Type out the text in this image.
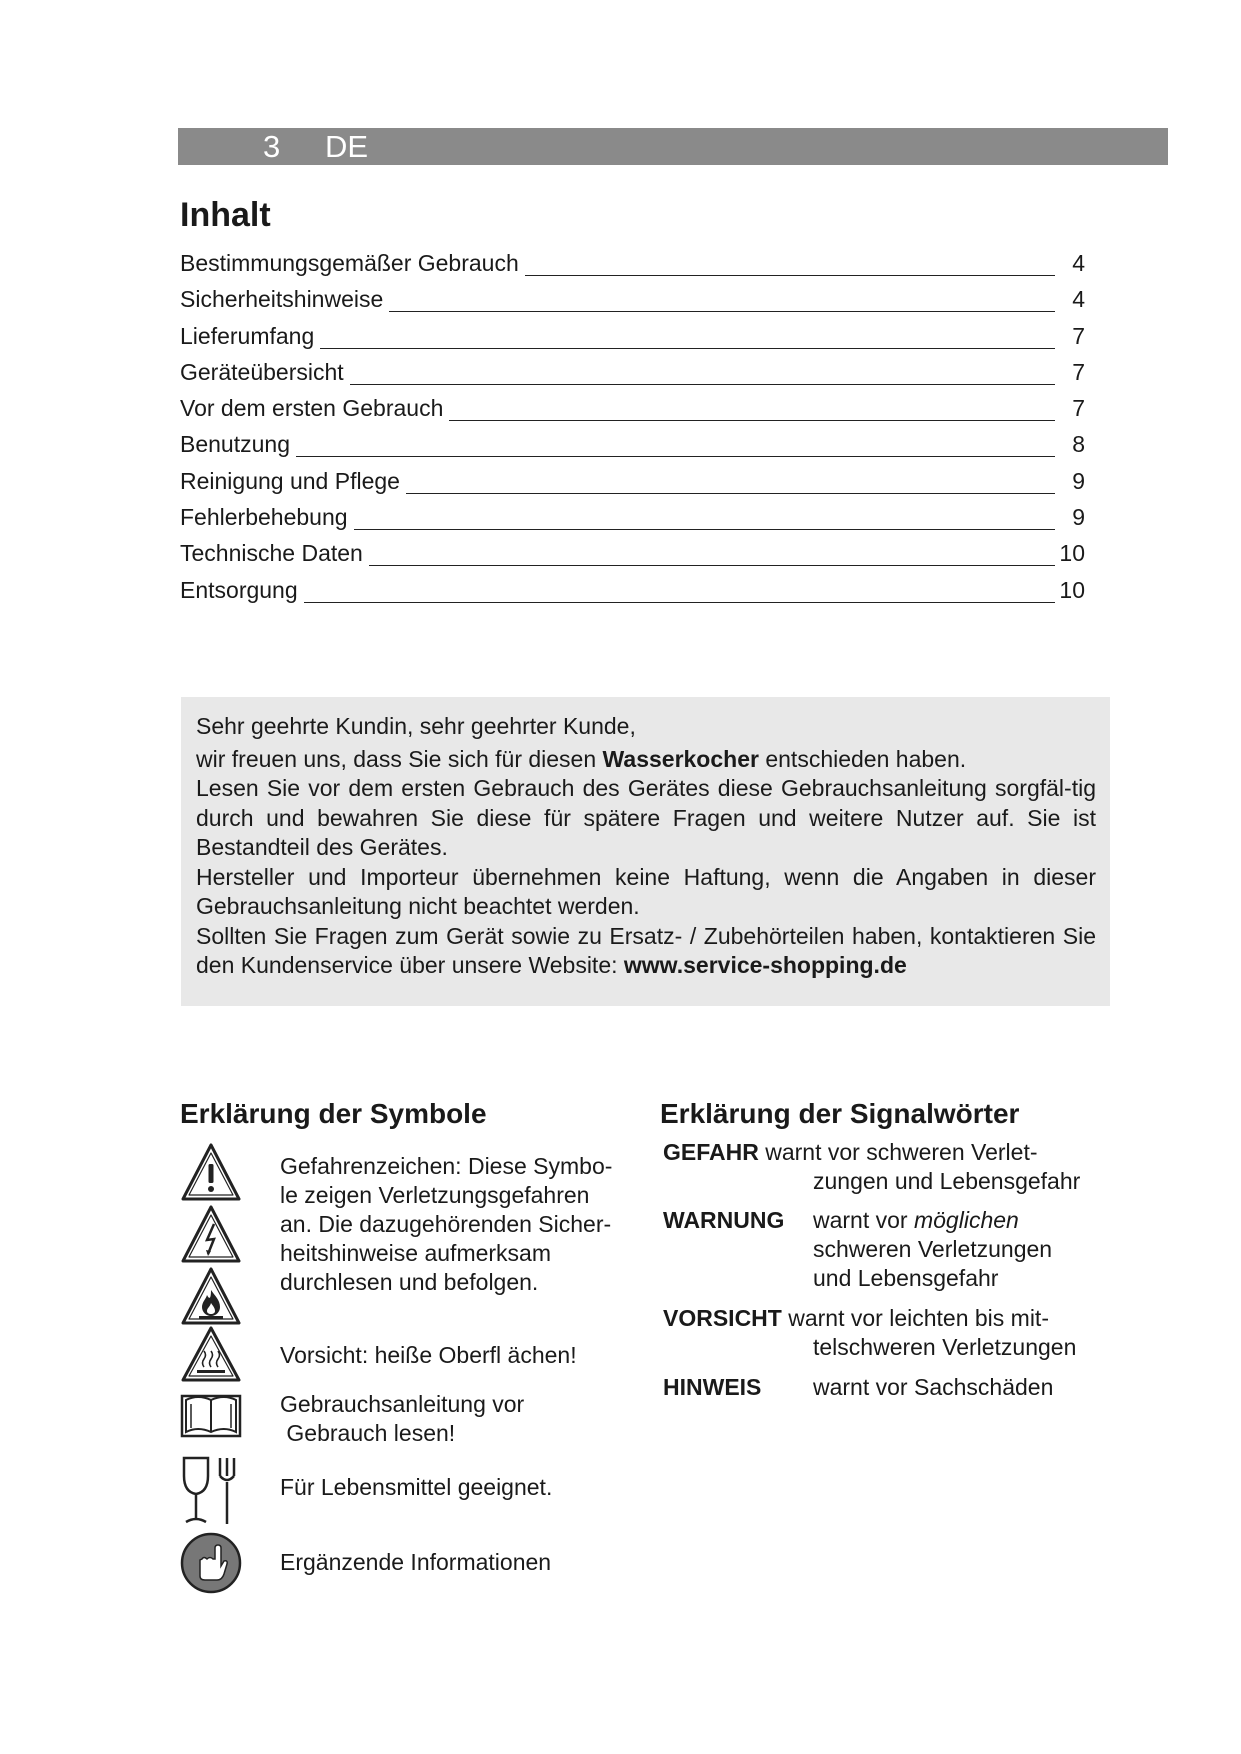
3 DE
Inhalt
Bestimmungsgemäßer Gebrauch	4
Sicherheitshinweise	4
Lieferumfang	7
Geräteübersicht	7
Vor dem ersten Gebrauch	7
Benutzung	8
Reinigung und Pflege	9
Fehlerbehebung	9
Technische Daten	10
Entsorgung	10

Sehr geehrte Kundin, sehr geehrter Kunde,

wir freuen uns, dass Sie sich für diesen Wasserkocher entschieden haben.

Lesen Sie vor dem ersten Gebrauch des Gerätes diese Gebrauchsanleitung sorgfäl-tig durch und bewahren Sie diese für spätere Fragen und weitere Nutzer auf. Sie ist Bestandteil des Gerätes.

Hersteller und Importeur übernehmen keine Haftung, wenn die Angaben in dieser Gebrauchsanleitung nicht beachtet werden.

Sollten Sie Fragen zum Gerät sowie zu Ersatz- / Zubehörteilen haben, kontaktieren Sie den Kundenservice über unsere Website: www.service-shopping.de

Erklärung der Symbole
Gefahrenzeichen: Diese Symbo-
le zeigen Verletzungsgefahren
an. Die dazugehörenden Sicher-
heitshinweise aufmerksam
durchlesen und befolgen.
Vorsicht: heiße Oberfl ächen!
Gebrauchsanleitung vor
Gebrauch lesen!
Für Lebensmittel geeignet.
Ergänzende Informationen
Erklärung der Signalwörter
GEFAHR warnt vor schweren Verlet-
zungen und Lebensgefahr
WARNUNG warnt vor möglichen
schweren Verletzungen
und Lebensgefahr
VORSICHT warnt vor leichten bis mit-
telschweren Verletzungen
HINWEIS warnt vor Sachschäden
